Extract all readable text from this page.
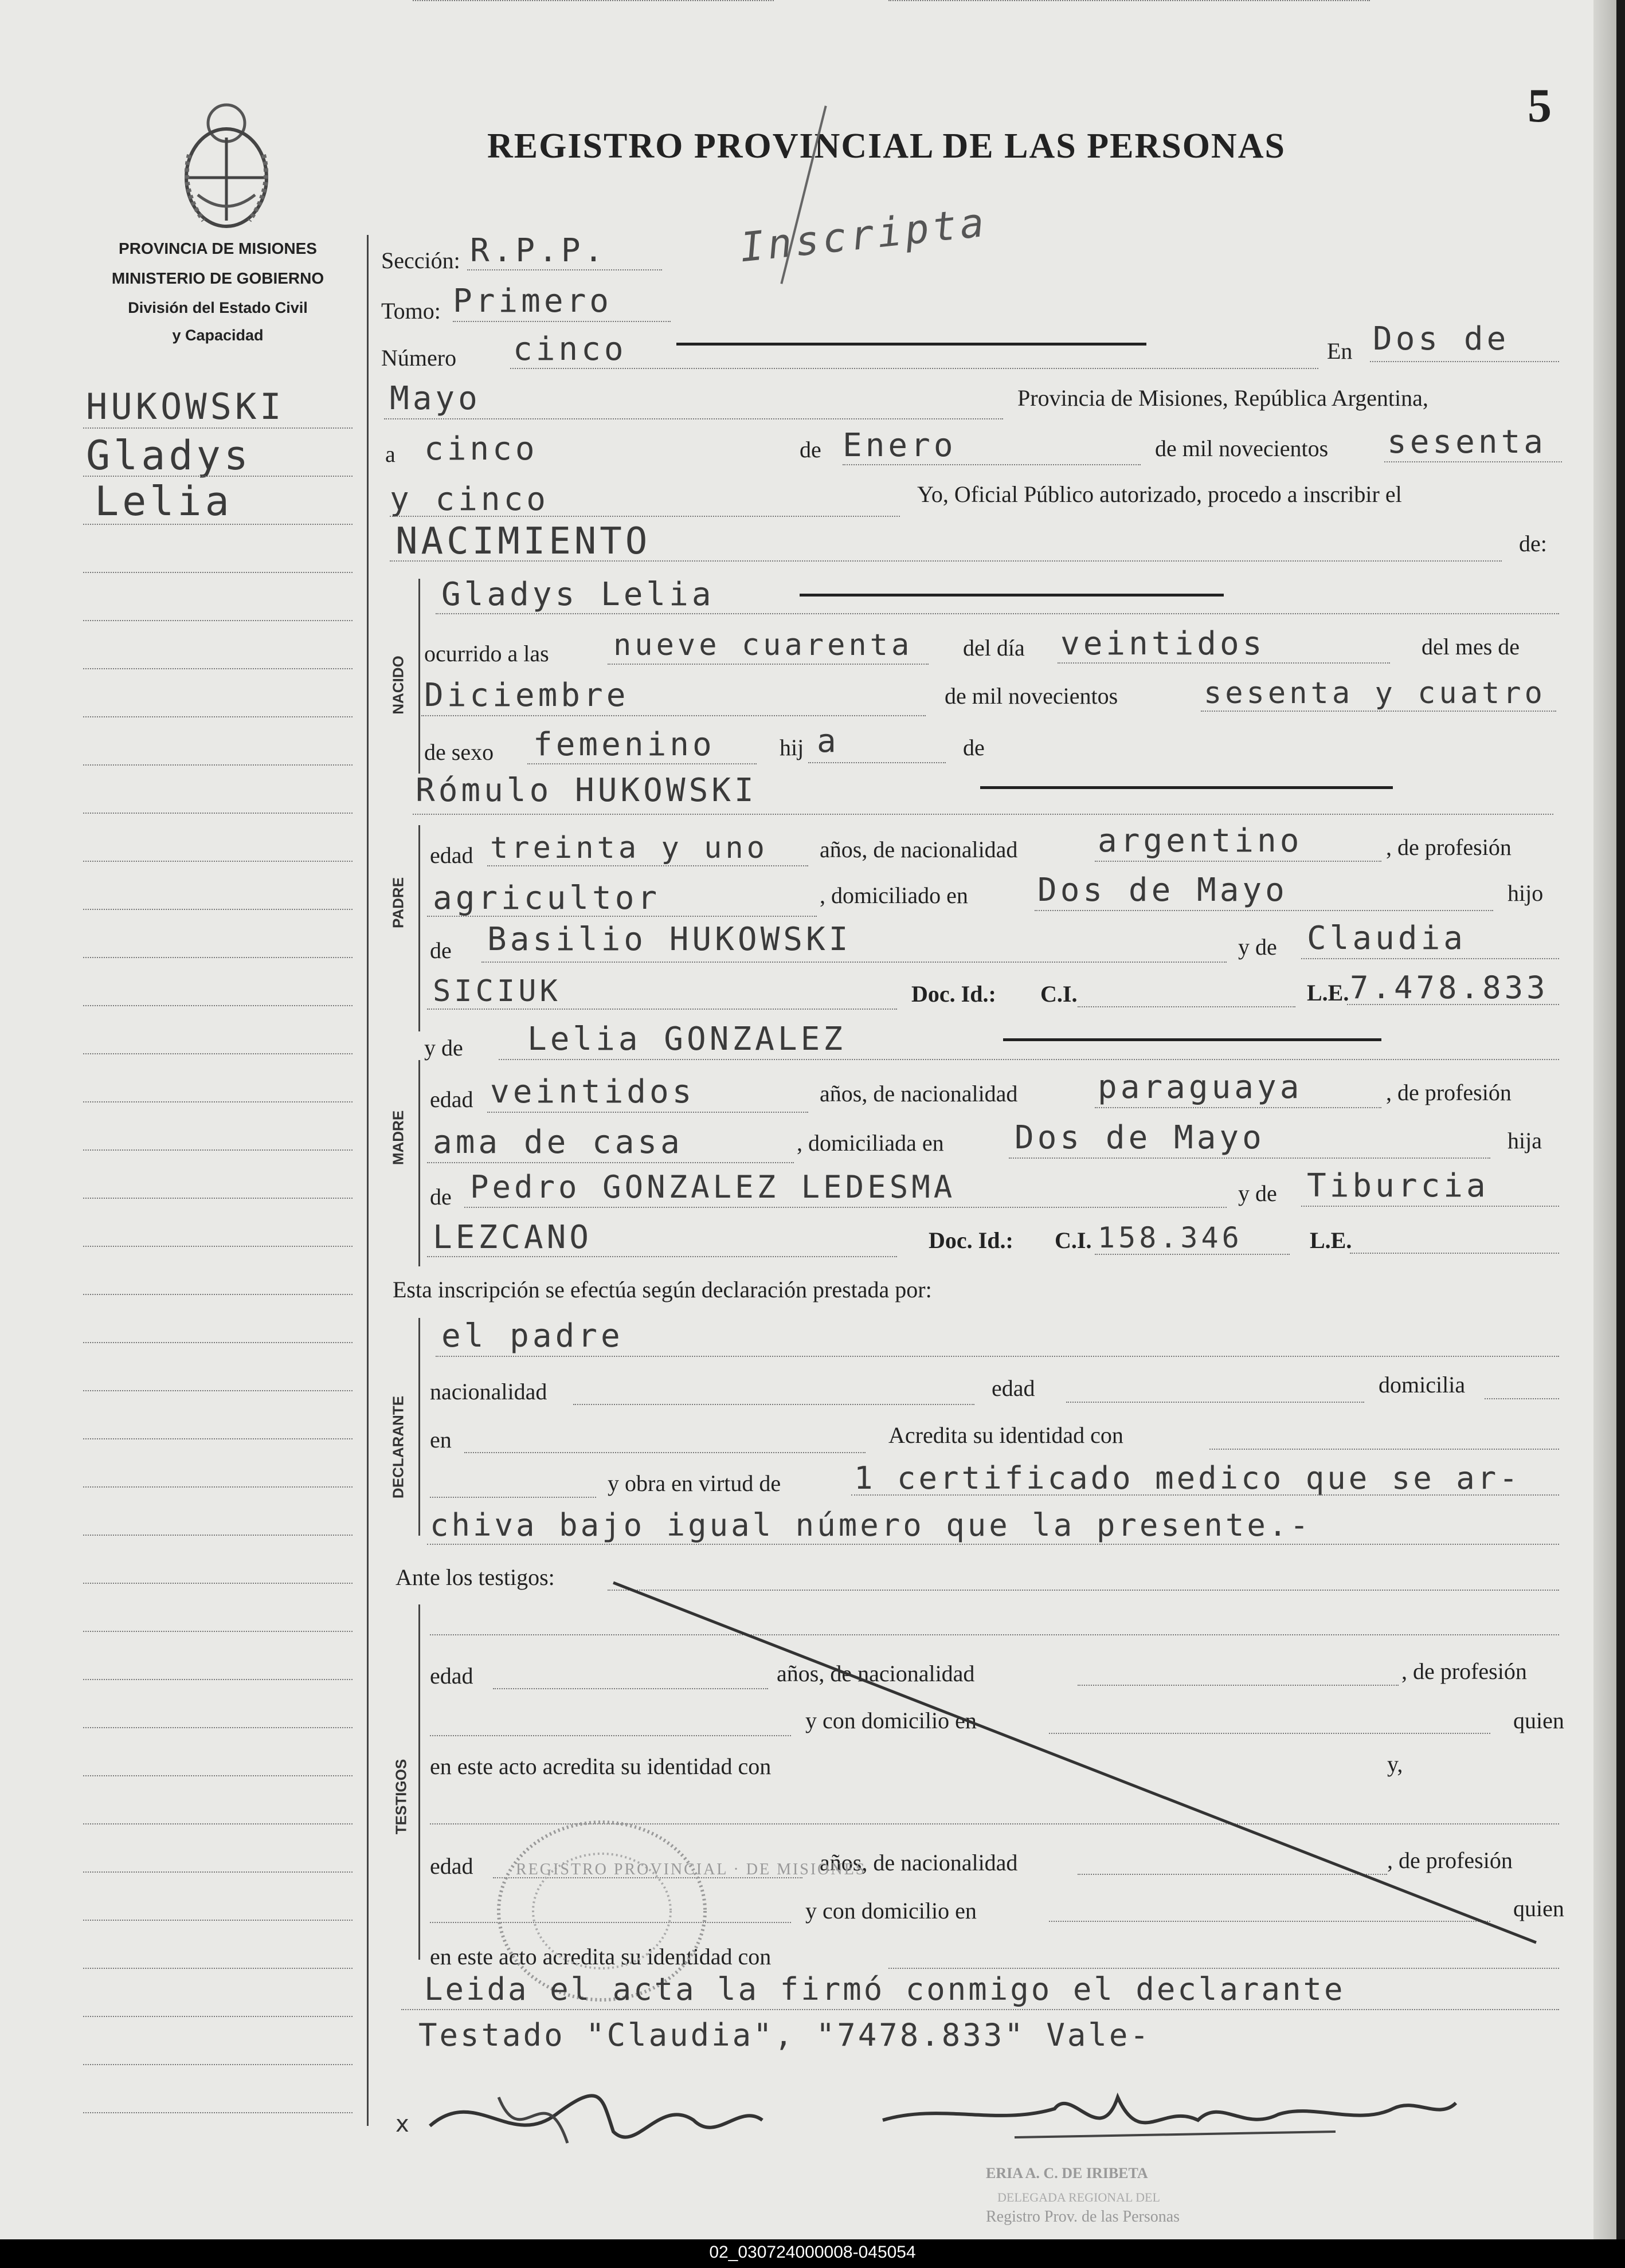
5
REGISTRO PROVINCIAL DE LAS PERSONAS
Inscripta
PROVINCIA DE MISIONES
MINISTERIO DE GOBIERNO
División del Estado Civil
y Capacidad
HUKOWSKI
Gladys
Lelia
Sección: R.P.P.
Tomo: Primero
Número cinco	En Dos de
Mayo	Provincia de Misiones, República Argentina,
a cinco	de Enero	de mil novecientos sesenta
y cinco	Yo, Oficial Público autorizado, procedo a inscribir el
NACIMIENTO	de:
NACIDO
Gladys Lelia
ocurrido a las nueve cuarenta del día veintidos	del mes de
Diciembre	de mil novecientos	sesenta y cuatro
de sexo femenino	hij a	de
PADRE
Rómulo HUKOWSKI
edad treinta y uno años, de nacionalidad argentino	, de profesión
agricultor	, domiciliado en Dos de Mayo	hijo
de Basilio HUKOWSKI	y de Claudia
SICIUK	Doc. Id.: C.I.	L.E. 7.478.833
MADRE
y de Lelia GONZALEZ
edad veintidos	años, de nacionalidad paraguaya	, de profesión
ama de casa	, domiciliada en Dos de Mayo	hija
de Pedro GONZALEZ LEDESMA	y de Tiburcia
LEZCANO	Doc. Id.: C.I. 158.346	L.E.
Esta inscripción se efectúa según declaración prestada por:
DECLARANTE
el padre
nacionalidad	edad	domicilia
en	Acredita su identidad con
y obra en virtud de 1 certificado medico que se ar-
chiva bajo igual número que la presente.-
Ante los testigos:
TESTIGOS
edad	años, de nacionalidad	, de profesión
y con domicilio en	quien
en este acto acredita su identidad con	y,
edad	años, de nacionalidad	, de profesión
y con domicilio en	quien
en este acto acredita su identidad con
REGISTRO PROVINCIAL · DE MISIONES
Leida el acta la firmó conmigo el declarante
Testado "Claudia", "7478.833" Vale-
x
ERIA A. C. DE IRIBETA
DELEGADA REGIONAL DEL
Registro Prov. de las Personas
02_030724000008-045054
